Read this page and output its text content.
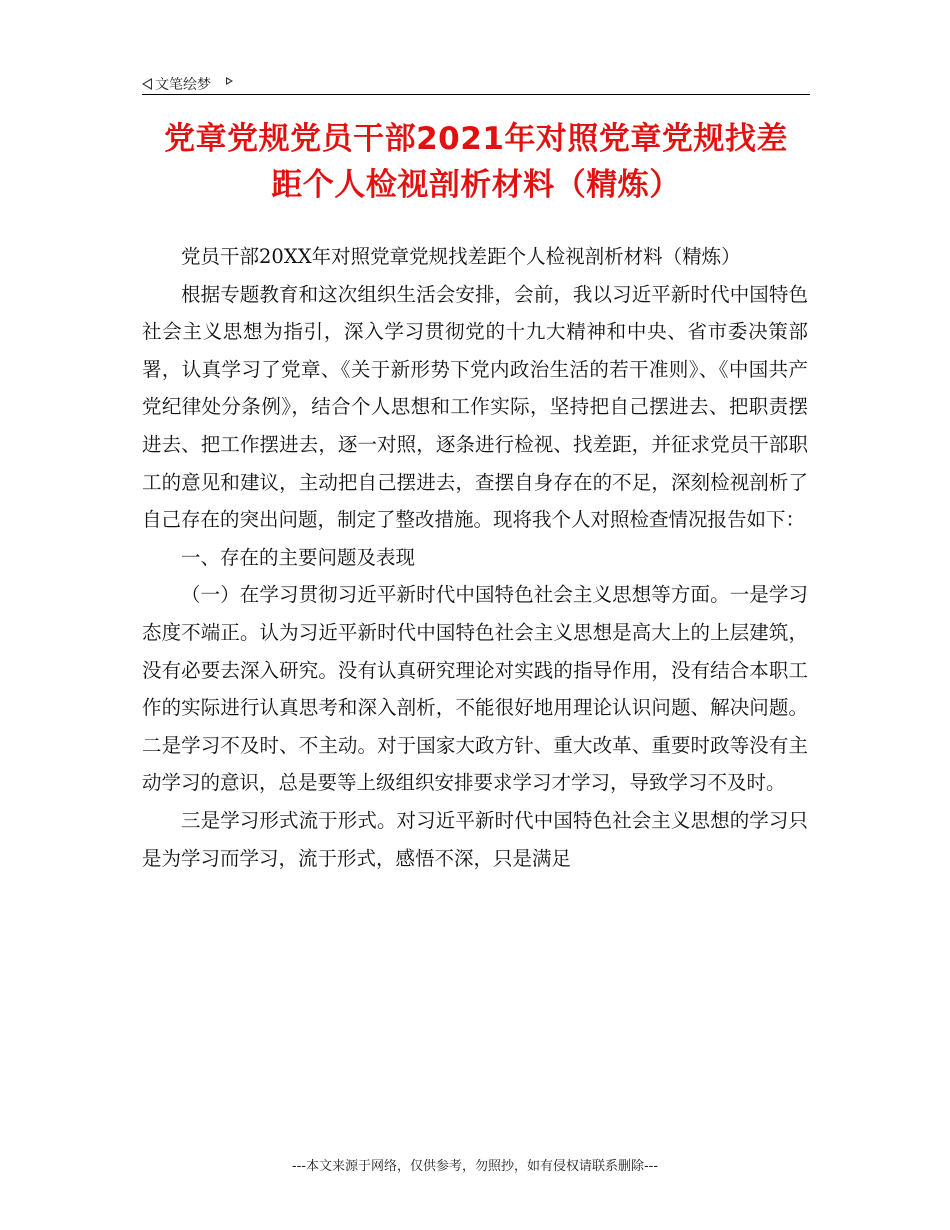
文笔绘梦
党章党规党员干部2021年对照党章党规找差
距个人检视剖析材料（精炼）

党员干部20XX年对照党章党规找差距个人检视剖析材料（精炼）

根据专题教育和这次组织生活会安排，会前，我以习近平新时代中国特色社会主义思想为指引，深入学习贯彻党的十九大精神和中央、省市委决策部署，认真学习了党章、《关于新形势下党内政治生活的若干准则》、《中国共产党纪律处分条例》，结合个人思想和工作实际，坚持把自己摆进去、把职责摆进去、把工作摆进去，逐一对照，逐条进行检视、找差距，并征求党员干部职工的意见和建议，主动把自己摆进去，查摆自身存在的不足，深刻检视剖析了自己存在的突出问题，制定了整改措施。现将我个人对照检查情况报告如下：

一、存在的主要问题及表现

（一）在学习贯彻习近平新时代中国特色社会主义思想等方面。一是学习态度不端正。认为习近平新时代中国特色社会主义思想是高大上的上层建筑，没有必要去深入研究。没有认真研究理论对实践的指导作用，没有结合本职工作的实际进行认真思考和深入剖析，不能很好地用理论认识问题、解决问题。二是学习不及时、不主动。对于国家大政方针、重大改革、重要时政等没有主动学习的意识，总是要等上级组织安排要求学习才学习，导致学习不及时。

三是学习形式流于形式。对习近平新时代中国特色社会主义思想的学习只是为学习而学习，流于形式，感悟不深，只是满足

---本文来源于网络，仅供参考，勿照抄，如有侵权请联系删除---
